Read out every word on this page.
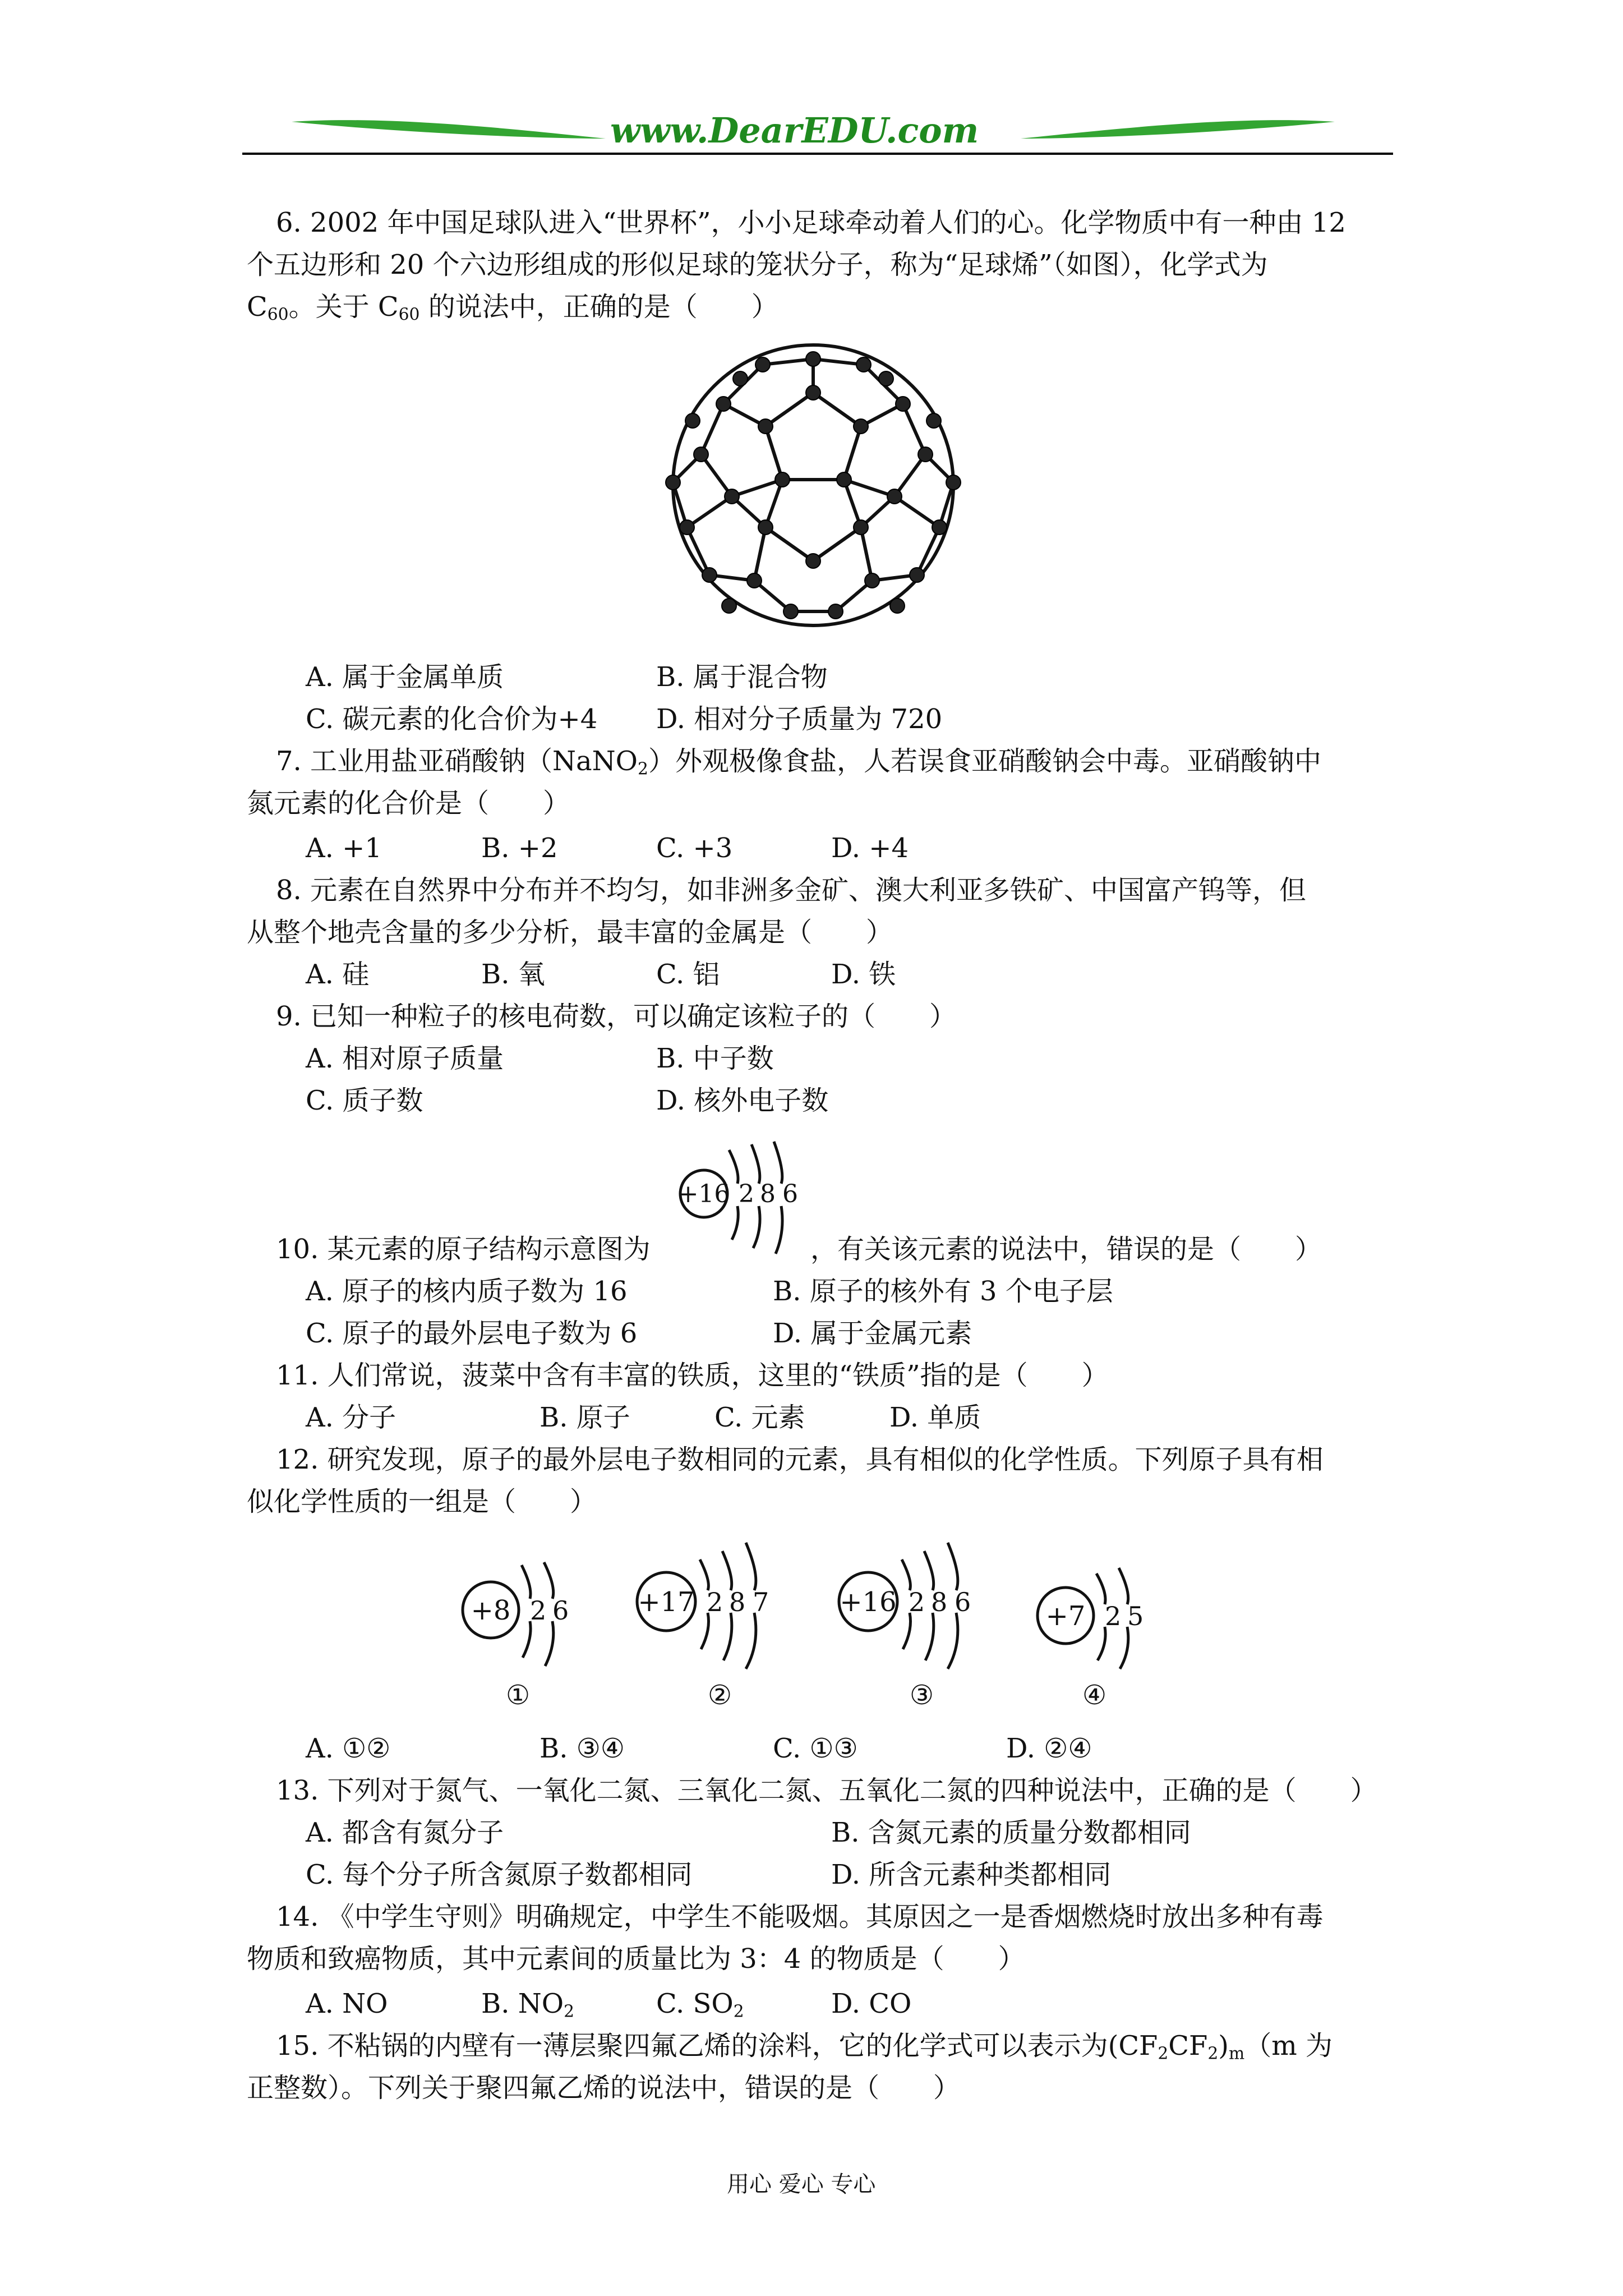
www.DearEDU.com
6. 2002 年中国足球队进入“世界杯”，小小足球牵动着人们的心。化学物质中有一种由 12
个五边形和 20 个六边形组成的形似足球的笼状分子，称为“足球烯”（如图），化学式为
$C_{60}$。关于 $C_{60}$ 的说法中，正确的是（　　）
A. 属于金属单质	B. 属于混合物
C. 碳元素的化合价为+4 D. 相对分子质量为 720
7. 工业用盐亚硝酸钠（NaNO$_2$）外观极像食盐，人若误食亚硝酸钠会中毒。亚硝酸钠中
氮元素的化合价是（　　）
A. +1	B. +2	C. +3	D. +4
8. 元素在自然界中分布并不均匀，如非洲多金矿、澳大利亚多铁矿、中国富产钨等，但
从整个地壳含量的多少分析，最丰富的金属是（　　）
A. 硅	B. 氧	C. 铝	D. 铁
9. 已知一种粒子的核电荷数，可以确定该粒子的（　　）
A. 相对原子质量	B. 中子数
C. 质子数	D. 核外电子数
+16 2 8 6
10. 某元素的原子结构示意图为	，有关该元素的说法中，错误的是（　　）
A. 原子的核内质子数为 16	B. 原子的核外有 3 个电子层
C. 原子的最外层电子数为 6	D. 属于金属元素
11. 人们常说，菠菜中含有丰富的铁质，这里的“铁质”指的是（　　）
A. 分子	B. 原子	C. 元素	D. 单质
12. 研究发现，原子的最外层电子数相同的元素，具有相似的化学性质。下列原子具有相
似化学性质的一组是（　　）
+8 2 6	+17 2 8 7	+16 2 8 6	+7 2 5
①	②	③	④
A. ①②	B. ③④	C. ①③	D. ②④
13. 下列对于氮气、一氧化二氮、三氧化二氮、五氧化二氮的四种说法中，正确的是（　　）
A. 都含有氮分子	B. 含氮元素的质量分数都相同
C. 每个分子所含氮原子数都相同	D. 所含元素种类都相同
14. 《中学生守则》明确规定，中学生不能吸烟。其原因之一是香烟燃烧时放出多种有毒
物质和致癌物质，其中元素间的质量比为 3：4 的物质是（　　）
A. NO	B. $NO_2$	C. $SO_2$	D. CO
15. 不粘锅的内壁有一薄层聚四氟乙烯的涂料，它的化学式可以表示为$(CF_2CF_2)_m(m$ 为
正整数）。下列关于聚四氟乙烯的说法中，错误的是（　　）
用心 爱心 专心
